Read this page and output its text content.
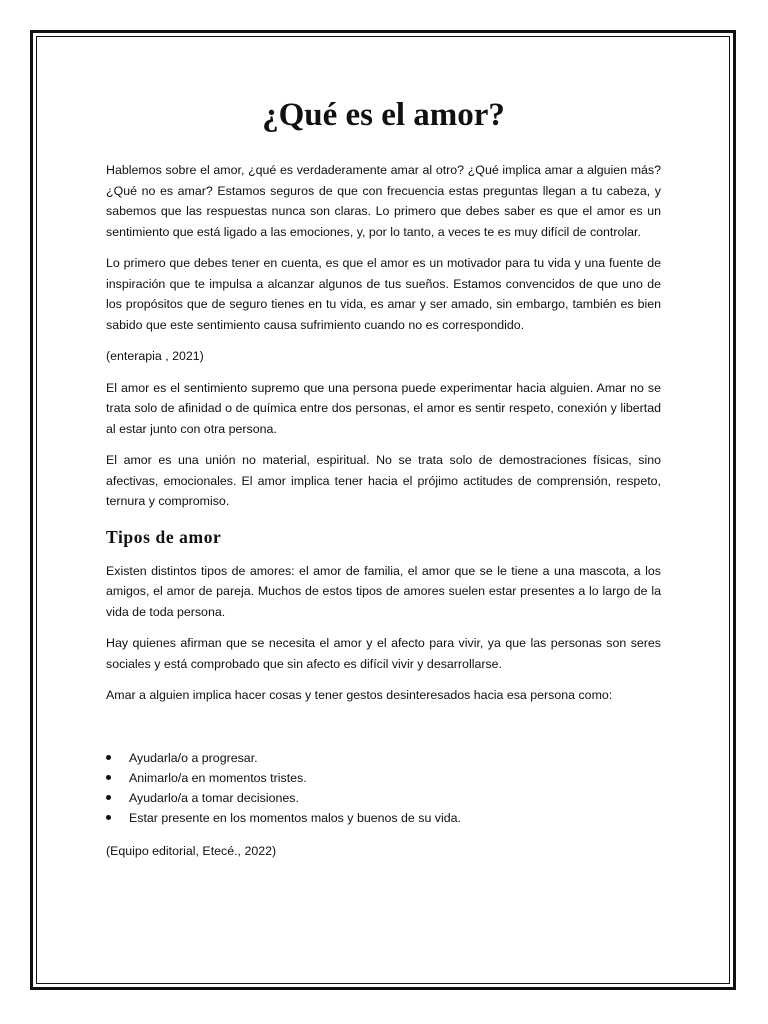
¿Qué es el amor?

Hablemos sobre el amor, ¿qué es verdaderamente amar al otro? ¿Qué implica amar a alguien más? ¿Qué no es amar? Estamos seguros de que con frecuencia estas preguntas llegan a tu cabeza, y sabemos que las respuestas nunca son claras. Lo primero que debes saber es que el amor es un sentimiento que está ligado a las emociones, y, por lo tanto, a veces te es muy difícil de controlar.

Lo primero que debes tener en cuenta, es que el amor es un motivador para tu vida y una fuente de inspiración que te impulsa a alcanzar algunos de tus sueños. Estamos convencidos de que uno de los propósitos que de seguro tienes en tu vida, es amar y ser amado, sin embargo, también es bien sabido que este sentimiento causa sufrimiento cuando no es correspondido.

(enterapia , 2021)

El amor es el sentimiento supremo que una persona puede experimentar hacia alguien. Amar no se trata solo de afinidad o de química entre dos personas, el amor es sentir respeto, conexión y libertad al estar junto con otra persona.

El amor es una unión no material, espiritual. No se trata solo de demostraciones físicas, sino afectivas, emocionales. El amor implica tener hacia el prójimo actitudes de comprensión, respeto, ternura y compromiso.

Tipos de amor

Existen distintos tipos de amores: el amor de familia, el amor que se le tiene a una mascota, a los amigos, el amor de pareja. Muchos de estos tipos de amores suelen estar presentes a lo largo de la vida de toda persona.

Hay quienes afirman que se necesita el amor y el afecto para vivir, ya que las personas son seres sociales y está comprobado que sin afecto es difícil vivir y desarrollarse.

Amar a alguien implica hacer cosas y tener gestos desinteresados hacia esa persona como:

Ayudarla/o a progresar.
Animarlo/a en momentos tristes.
Ayudarlo/a a tomar decisiones.
Estar presente en los momentos malos y buenos de su vida.

(Equipo editorial, Etecé., 2022)
